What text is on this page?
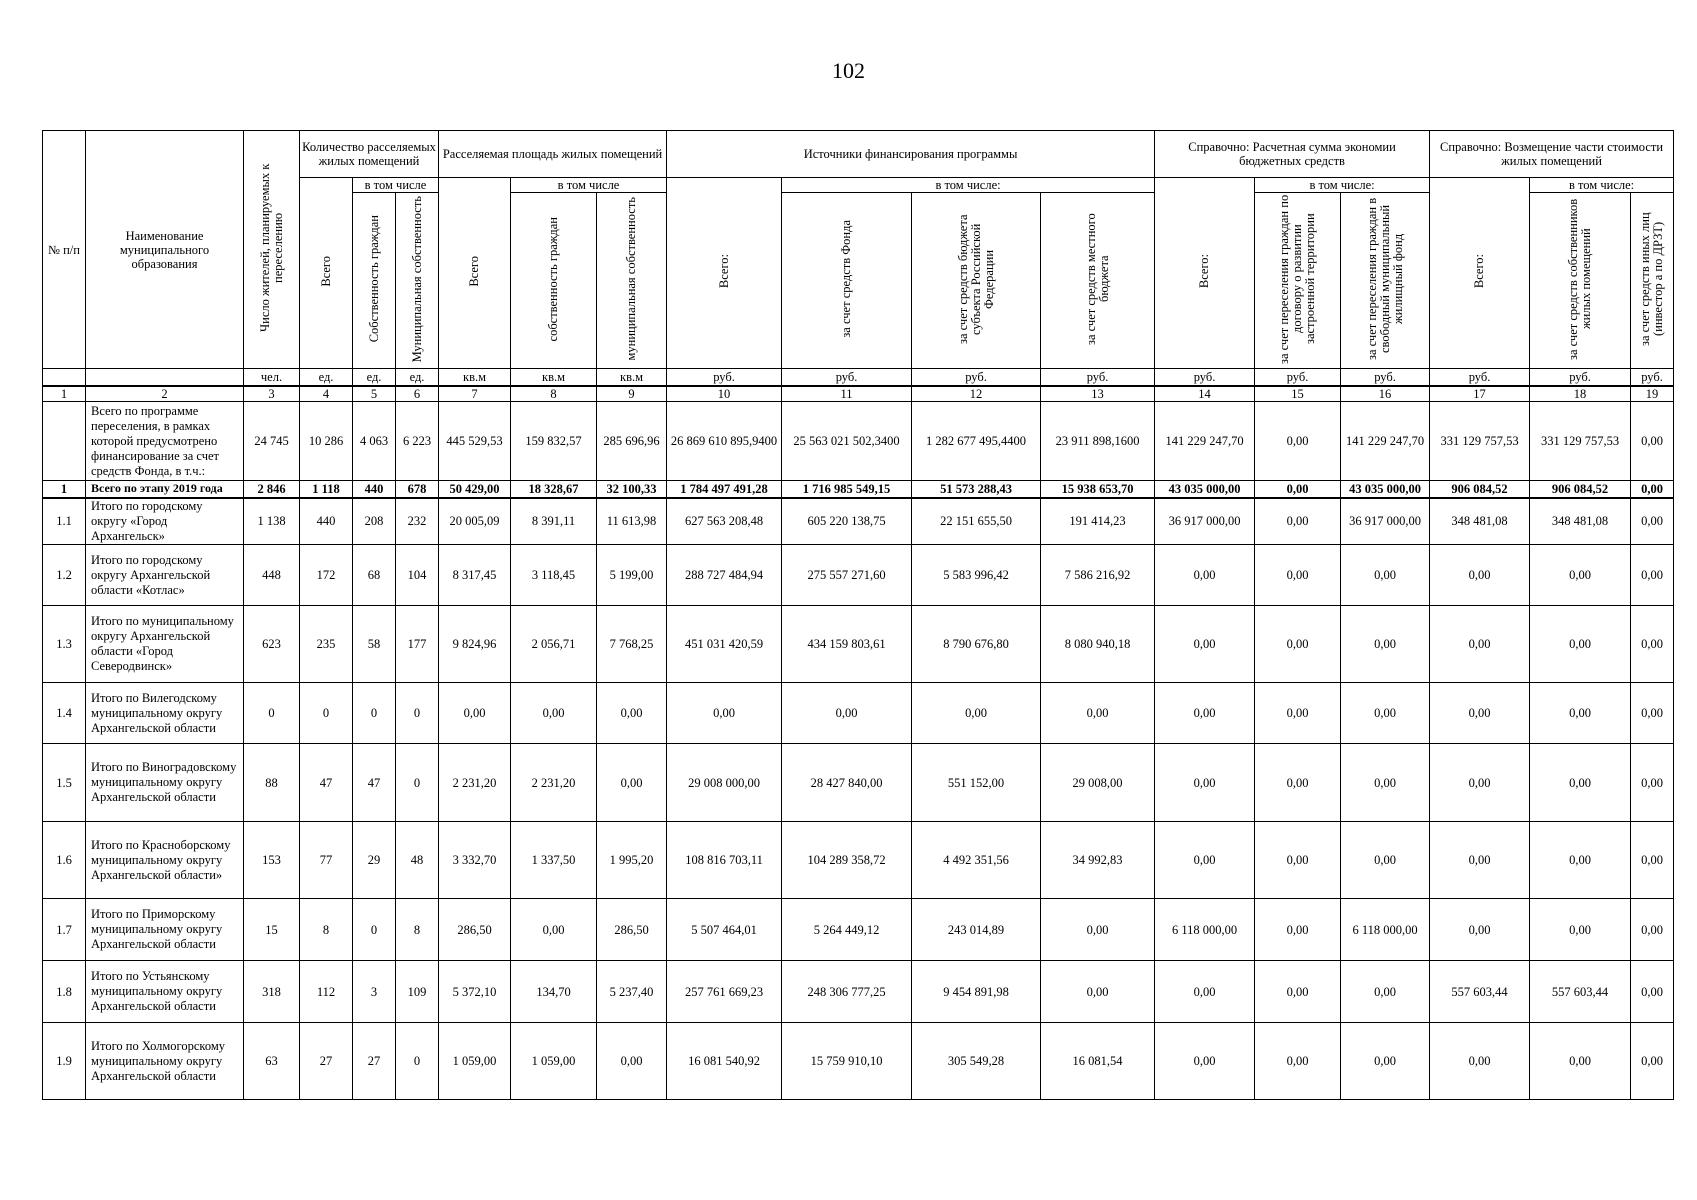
102
№ п/п	Наименование муниципального образования	Число жителей, планируемых к переселению	Количество расселяемых жилых помещений			Расселяемая площадь жилых помещений			Источники финансирования программы				Справочно: Расчетная сумма экономии бюджетных средств			Справочно: Возмещение части стоимости жилых помещений		
			Всего	в том числе		Всего	в том числе		Всего:	в том числе:			Всего:	в том числе:		Всего:	в том числе:	
				Собственность граждан	Муниципальная собственность		собственность граждан	муниципальная собственность		за счет средств Фонда	за счет средств бюджета субъекта Российской Федерации	за счет средств местного бюджета		за счет переселения граждан по договору о развитии застроенной территории	за счет переселения граждан в свободный муниципальный жилищный фонд		за счет средств собственников жилых помещений	за счет средств иных лиц (инвестор а по ДРЗТ)
		чел.	ед.	ед.	ед.	кв.м	кв.м	кв.м	руб.	руб.	руб.	руб.	руб.	руб.	руб.	руб.	руб.	руб.
1	2	3	4	5	6	7	8	9	10	11	12	13	14	15	16	17	18	19
	Всего по программе переселения, в рамках которой предусмотрено финансирование за счет средств Фонда, в т.ч.:	24 745	10 286	4 063	6 223	445 529,53	159 832,57	285 696,96	26 869 610 895,9400	25 563 021 502,3400	1 282 677 495,4400	23 911 898,1600	141 229 247,70	0,00	141 229 247,70	331 129 757,53	331 129 757,53	0,00
1	Всего по этапу 2019 года	2 846	1 118	440	678	50 429,00	18 328,67	32 100,33	1 784 497 491,28	1 716 985 549,15	51 573 288,43	15 938 653,70	43 035 000,00	0,00	43 035 000,00	906 084,52	906 084,52	0,00
1.1	Итого по городскому округу «Город Архангельск»	1 138	440	208	232	20 005,09	8 391,11	11 613,98	627 563 208,48	605 220 138,75	22 151 655,50	191 414,23	36 917 000,00	0,00	36 917 000,00	348 481,08	348 481,08	0,00
1.2	Итого по городскому округу Архангельской области «Котлас»	448	172	68	104	8 317,45	3 118,45	5 199,00	288 727 484,94	275 557 271,60	5 583 996,42	7 586 216,92	0,00	0,00	0,00	0,00	0,00	0,00
1.3	Итого по муниципальному округу Архангельской области «Город Северодвинск»	623	235	58	177	9 824,96	2 056,71	7 768,25	451 031 420,59	434 159 803,61	8 790 676,80	8 080 940,18	0,00	0,00	0,00	0,00	0,00	0,00
1.4	Итого по Вилегодскому муниципальному округу Архангельской области	0	0	0	0	0,00	0,00	0,00	0,00	0,00	0,00	0,00	0,00	0,00	0,00	0,00	0,00	0,00
1.5	Итого по Виноградовскому муниципальному округу Архангельской области	88	47	47	0	2 231,20	2 231,20	0,00	29 008 000,00	28 427 840,00	551 152,00	29 008,00	0,00	0,00	0,00	0,00	0,00	0,00
1.6	Итого по Красноборскому муниципальному округу Архангельской области»	153	77	29	48	3 332,70	1 337,50	1 995,20	108 816 703,11	104 289 358,72	4 492 351,56	34 992,83	0,00	0,00	0,00	0,00	0,00	0,00
1.7	Итого по Приморскому муниципальному округу Архангельской области	15	8	0	8	286,50	0,00	286,50	5 507 464,01	5 264 449,12	243 014,89	0,00	6 118 000,00	0,00	6 118 000,00	0,00	0,00	0,00
1.8	Итого по Устьянскому муниципальному округу Архангельской области	318	112	3	109	5 372,10	134,70	5 237,40	257 761 669,23	248 306 777,25	9 454 891,98	0,00	0,00	0,00	0,00	557 603,44	557 603,44	0,00
1.9	Итого по Холмогорскому муниципальному округу Архангельской области	63	27	27	0	1 059,00	1 059,00	0,00	16 081 540,92	15 759 910,10	305 549,28	16 081,54	0,00	0,00	0,00	0,00	0,00	0,00
